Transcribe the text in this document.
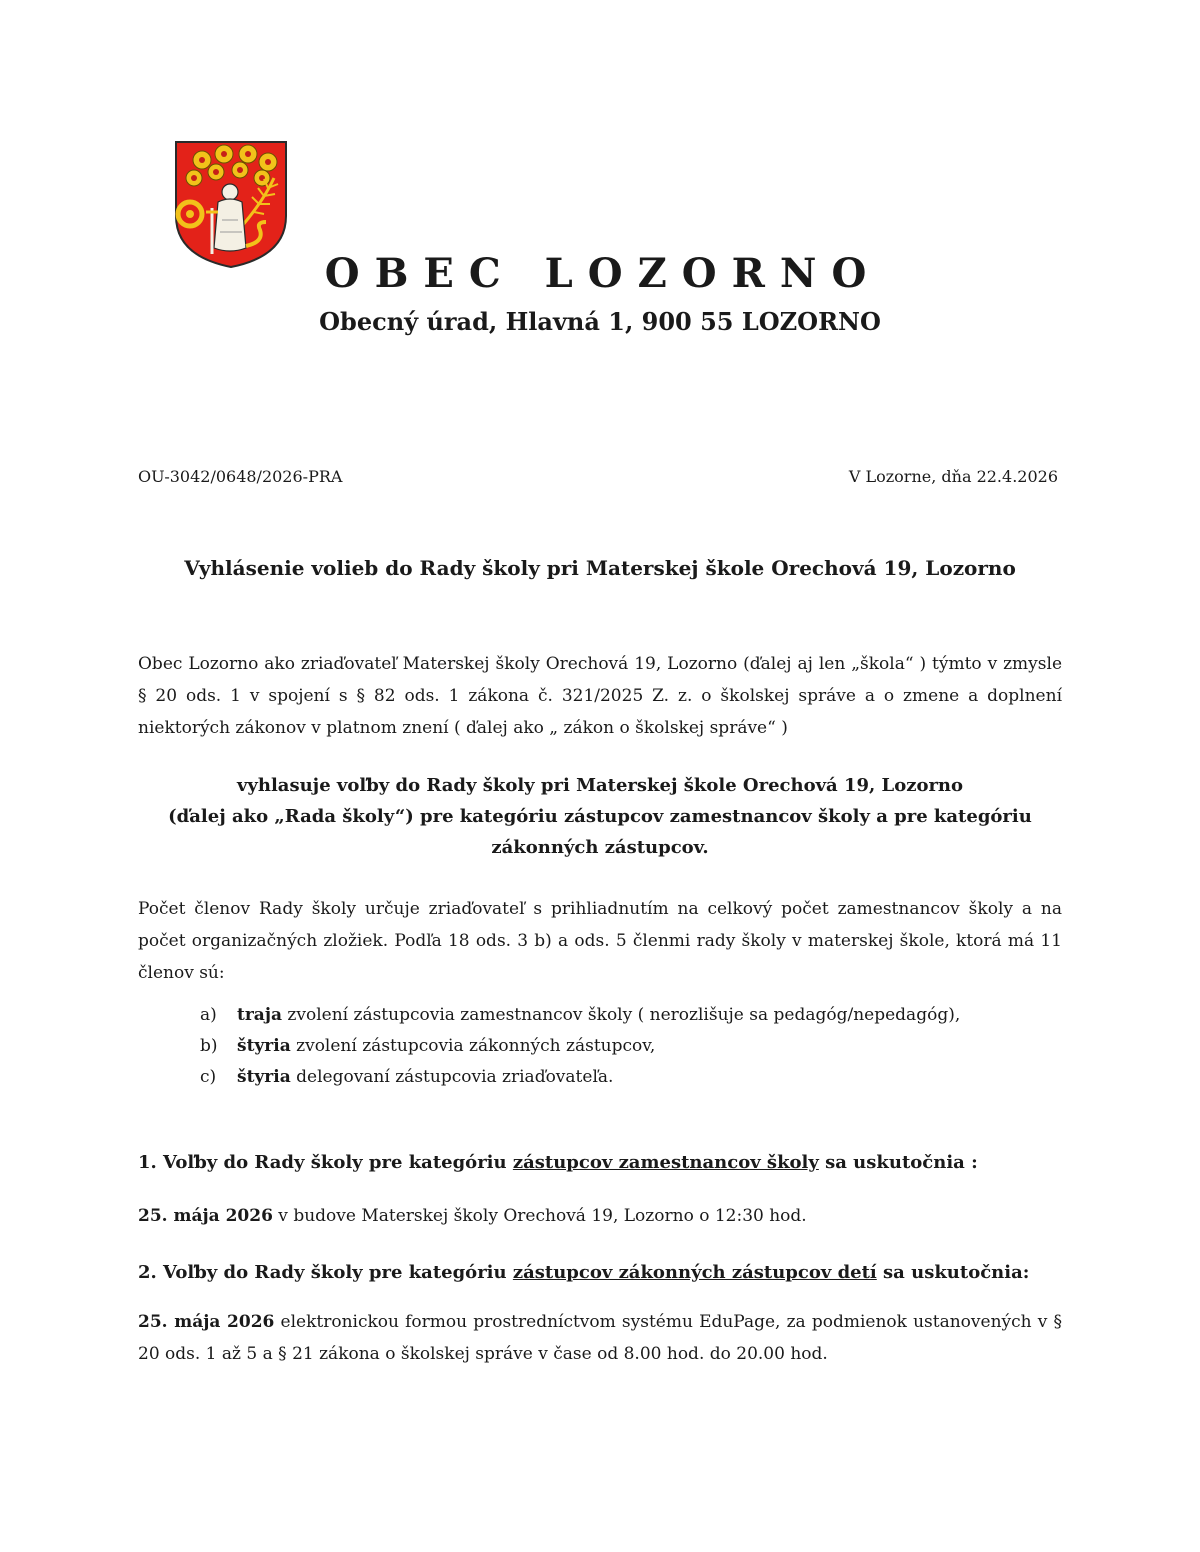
OBEC LOZORNO
Obecný úrad, Hlavná 1, 900 55 LOZORNO
OU-3042/0648/2026-PRA	V Lozorne, dňa 22.4.2026
Vyhlásenie volieb do Rady školy pri Materskej škole Orechová 19, Lozorno

Obec Lozorno ako zriaďovateľ Materskej školy Orechová 19, Lozorno (ďalej aj len „škola“ ) týmto v zmysle § 20 ods. 1 v spojení s § 82 ods. 1 zákona č. 321/2025 Z. z. o školskej správe a o zmene a doplnení niektorých zákonov v platnom znení ( ďalej ako „ zákon o školskej správe“ )

vyhlasuje voľby do Rady školy pri Materskej škole Orechová 19, Lozorno
(ďalej ako „Rada školy“) pre kategóriu zástupcov zamestnancov školy a pre kategóriu
zákonných zástupcov.

Počet členov Rady školy určuje zriaďovateľ s prihliadnutím na celkový počet zamestnancov školy a na počet organizačných zložiek. Podľa 18 ods. 3 b) a ods. 5 členmi rady školy v materskej škole, ktorá má 11 členov sú:

a)	traja zvolení zástupcovia zamestnancov školy ( nerozlišuje sa pedagóg/nepedagóg),
b)	štyria zvolení zástupcovia zákonných zástupcov,
c)	štyria delegovaní zástupcovia zriaďovateľa.
1. Voľby do Rady školy pre kategóriu zástupcov zamestnancov školy sa uskutočnia :
25. mája 2026 v budove Materskej školy Orechová 19, Lozorno o 12:30 hod.
2. Voľby do Rady školy pre kategóriu zástupcov zákonných zástupcov detí sa uskutočnia:
25. mája 2026 elektronickou formou prostredníctvom systému EduPage, za podmienok ustanovených v § 20 ods. 1 až 5 a § 21 zákona o školskej správe v čase od 8.00 hod. do 20.00 hod.
